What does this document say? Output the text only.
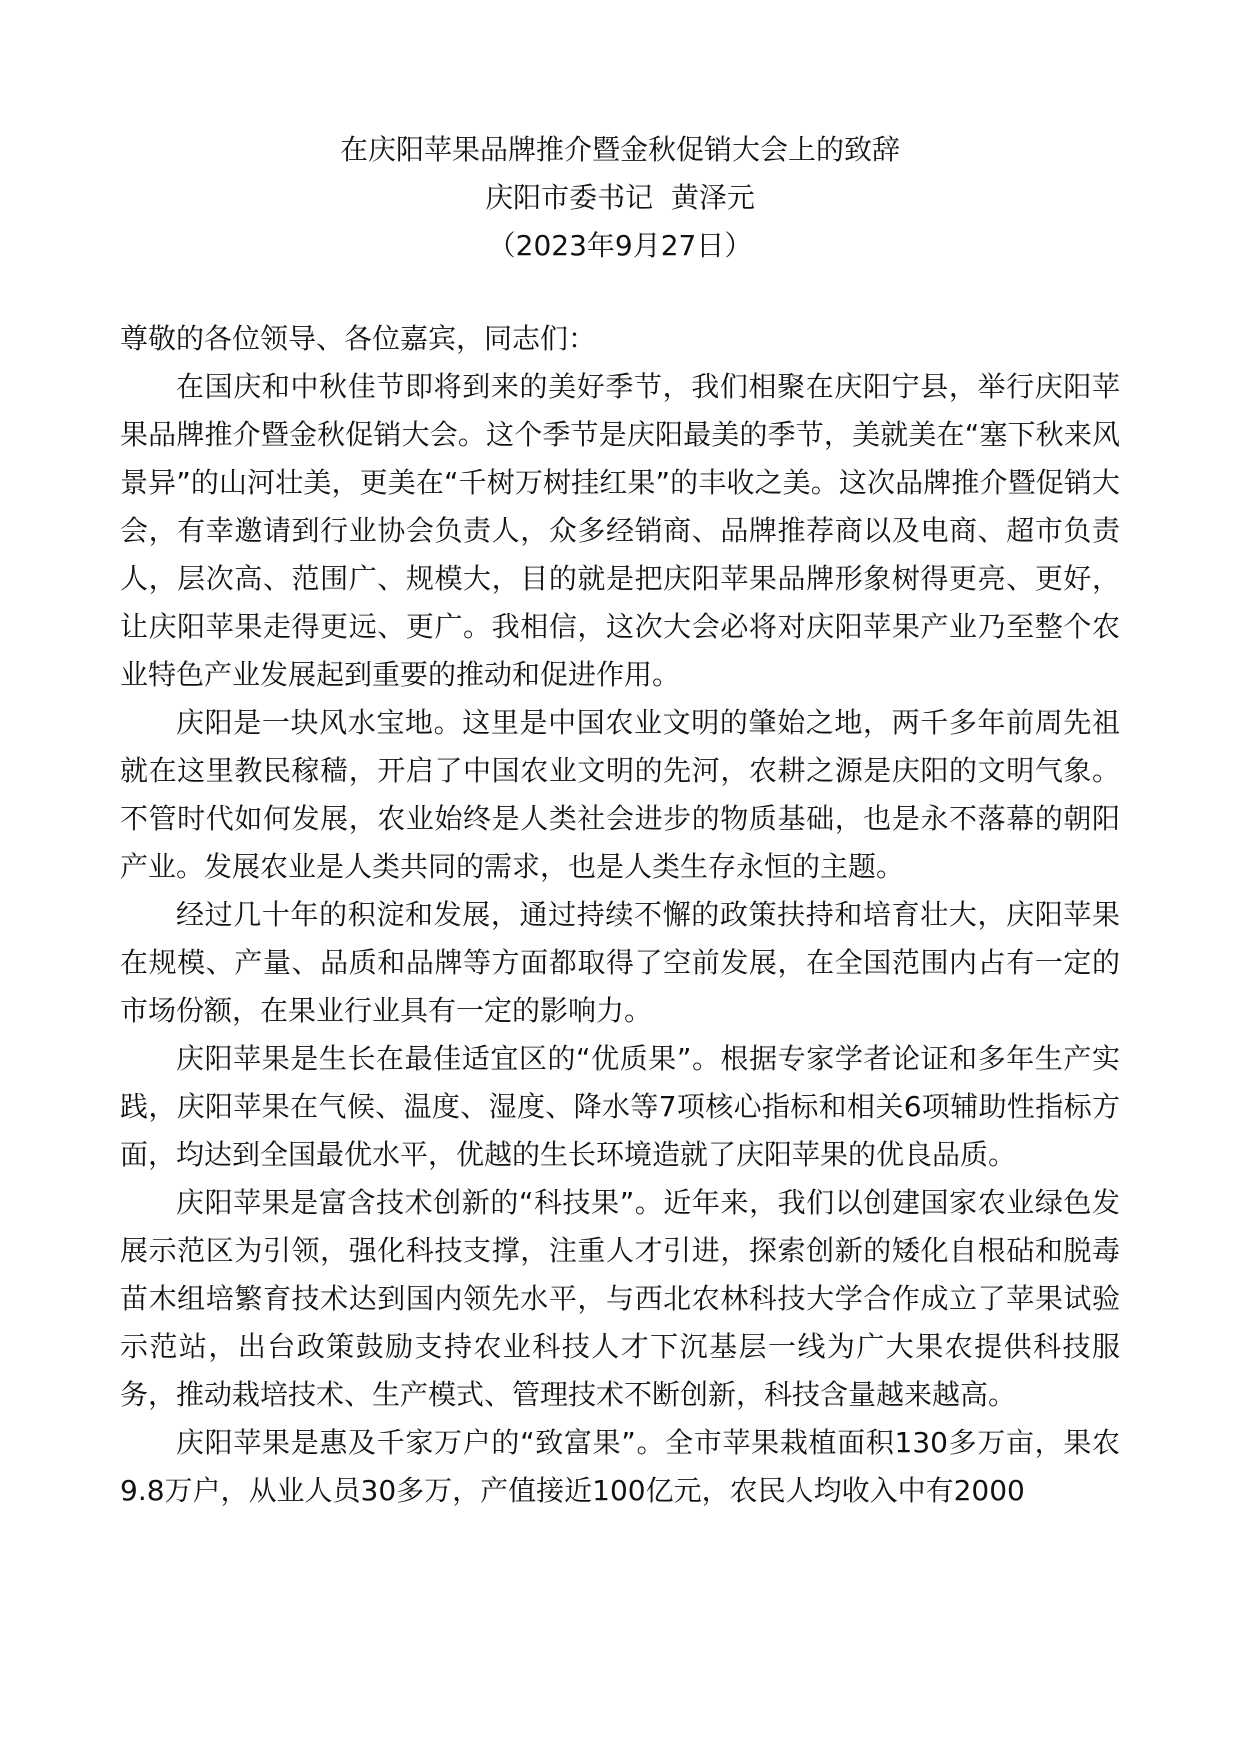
在庆阳苹果品牌推介暨金秋促销大会上的致辞
庆阳市委书记  黄泽元
（2023年9月27日）

尊敬的各位领导、各位嘉宾，同志们：

在国庆和中秋佳节即将到来的美好季节，我们相聚在庆阳宁县，举行庆阳苹果品牌推介暨金秋促销大会。这个季节是庆阳最美的季节，美就美在“塞下秋来风景异”的山河壮美，更美在“千树万树挂红果”的丰收之美。这次品牌推介暨促销大会，有幸邀请到行业协会负责人，众多经销商、品牌推荐商以及电商、超市负责人，层次高、范围广、规模大，目的就是把庆阳苹果品牌形象树得更亮、更好，让庆阳苹果走得更远、更广。我相信，这次大会必将对庆阳苹果产业乃至整个农业特色产业发展起到重要的推动和促进作用。

庆阳是一块风水宝地。这里是中国农业文明的肇始之地，两千多年前周先祖就在这里教民稼穑，开启了中国农业文明的先河，农耕之源是庆阳的文明气象。不管时代如何发展，农业始终是人类社会进步的物质基础，也是永不落幕的朝阳产业。发展农业是人类共同的需求，也是人类生存永恒的主题。

经过几十年的积淀和发展，通过持续不懈的政策扶持和培育壮大，庆阳苹果在规模、产量、品质和品牌等方面都取得了空前发展，在全国范围内占有一定的市场份额，在果业行业具有一定的影响力。

庆阳苹果是生长在最佳适宜区的“优质果”。根据专家学者论证和多年生产实践，庆阳苹果在气候、温度、湿度、降水等7项核心指标和相关6项辅助性指标方面，均达到全国最优水平，优越的生长环境造就了庆阳苹果的优良品质。

庆阳苹果是富含技术创新的“科技果”。近年来，我们以创建国家农业绿色发展示范区为引领，强化科技支撑，注重人才引进，探索创新的矮化自根砧和脱毒苗木组培繁育技术达到国内领先水平，与西北农林科技大学合作成立了苹果试验示范站，出台政策鼓励支持农业科技人才下沉基层一线为广大果农提供科技服务，推动栽培技术、生产模式、管理技术不断创新，科技含量越来越高。

庆阳苹果是惠及千家万户的“致富果”。全市苹果栽植面积130多万亩，果农9.8万户，从业人员30多万，产值接近100亿元，农民人均收入中有2000
